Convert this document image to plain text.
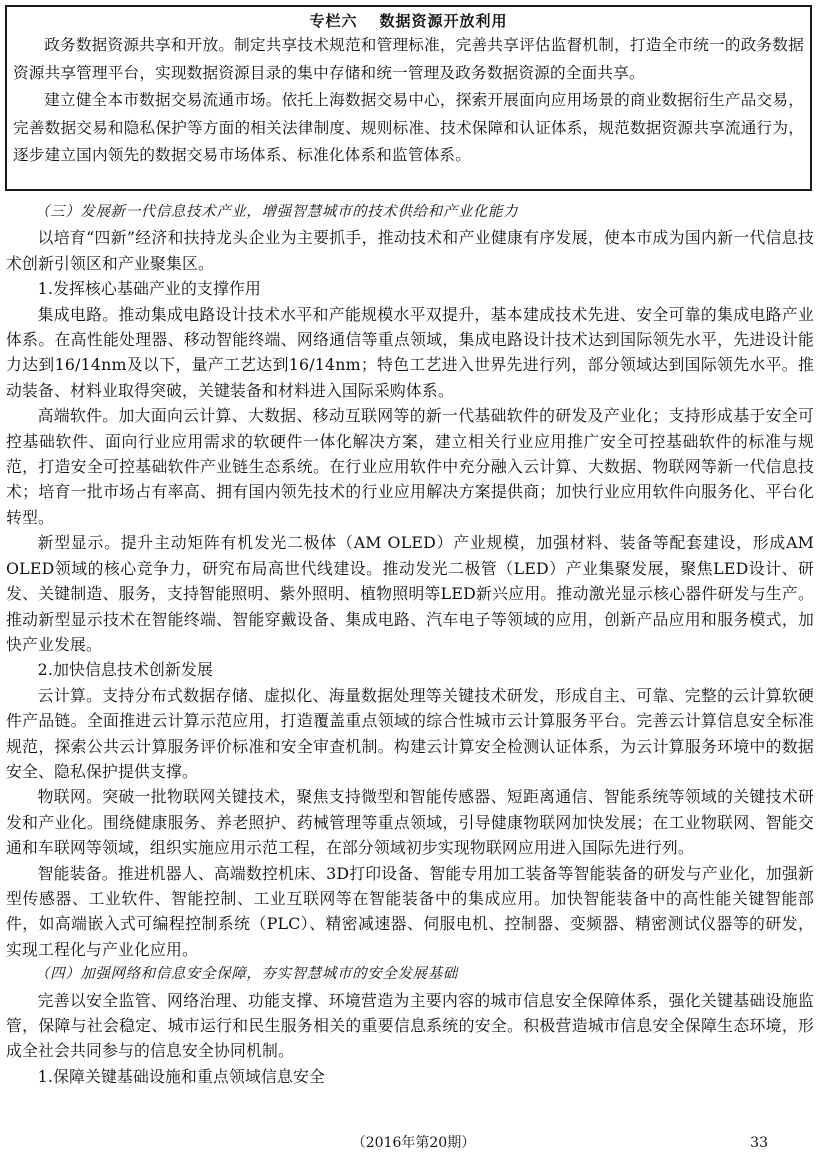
专栏六 数据资源开放利用

政务数据资源共享和开放。制定共享技术规范和管理标准，完善共享评估监督机制，打造全市统一的政务数据资源共享管理平台，实现数据资源目录的集中存储和统一管理及政务数据资源的全面共享。

建立健全本市数据交易流通市场。依托上海数据交易中心，探索开展面向应用场景的商业数据衍生产品交易，完善数据交易和隐私保护等方面的相关法律制度、规则标准、技术保障和认证体系，规范数据资源共享流通行为，逐步建立国内领先的数据交易市场体系、标准化体系和监管体系。

（三）发展新一代信息技术产业，增强智慧城市的技术供给和产业化能力

以培育“四新”经济和扶持龙头企业为主要抓手，推动技术和产业健康有序发展，使本市成为国内新一代信息技术创新引领区和产业聚集区。

1.发挥核心基础产业的支撑作用

集成电路。推动集成电路设计技术水平和产能规模水平双提升，基本建成技术先进、安全可靠的集成电路产业体系。在高性能处理器、移动智能终端、网络通信等重点领域，集成电路设计技术达到国际领先水平，先进设计能力达到16/14nm及以下，量产工艺达到16/14nm；特色工艺进入世界先进行列，部分领域达到国际领先水平。推动装备、材料业取得突破，关键装备和材料进入国际采购体系。

高端软件。加大面向云计算、大数据、移动互联网等的新一代基础软件的研发及产业化；支持形成基于安全可控基础软件、面向行业应用需求的软硬件一体化解决方案，建立相关行业应用推广安全可控基础软件的标准与规范，打造安全可控基础软件产业链生态系统。在行业应用软件中充分融入云计算、大数据、物联网等新一代信息技术；培育一批市场占有率高、拥有国内领先技术的行业应用解决方案提供商；加快行业应用软件向服务化、平台化转型。

新型显示。提升主动矩阵有机发光二极体（AM OLED）产业规模，加强材料、装备等配套建设，形成AM OLED领域的核心竞争力，研究布局高世代线建设。推动发光二极管（LED）产业集聚发展，聚焦LED设计、研发、关键制造、服务，支持智能照明、紫外照明、植物照明等LED新兴应用。推动激光显示核心器件研发与生产。推动新型显示技术在智能终端、智能穿戴设备、集成电路、汽车电子等领域的应用，创新产品应用和服务模式，加快产业发展。

2.加快信息技术创新发展

云计算。支持分布式数据存储、虚拟化、海量数据处理等关键技术研发，形成自主、可靠、完整的云计算软硬件产品链。全面推进云计算示范应用，打造覆盖重点领域的综合性城市云计算服务平台。完善云计算信息安全标准规范，探索公共云计算服务评价标准和安全审查机制。构建云计算安全检测认证体系，为云计算服务环境中的数据安全、隐私保护提供支撑。

物联网。突破一批物联网关键技术，聚焦支持微型和智能传感器、短距离通信、智能系统等领域的关键技术研发和产业化。围绕健康服务、养老照护、药械管理等重点领域，引导健康物联网加快发展；在工业物联网、智能交通和车联网等领域，组织实施应用示范工程，在部分领域初步实现物联网应用进入国际先进行列。

智能装备。推进机器人、高端数控机床、3D打印设备、智能专用加工装备等智能装备的研发与产业化，加强新型传感器、工业软件、智能控制、工业互联网等在智能装备中的集成应用。加快智能装备中的高性能关键智能部件，如高端嵌入式可编程控制系统（PLC）、精密减速器、伺服电机、控制器、变频器、精密测试仪器等的研发，实现工程化与产业化应用。

（四）加强网络和信息安全保障，夯实智慧城市的安全发展基础

完善以安全监管、网络治理、功能支撑、环境营造为主要内容的城市信息安全保障体系，强化关键基础设施监管，保障与社会稳定、城市运行和民生服务相关的重要信息系统的安全。积极营造城市信息安全保障生态环境，形成全社会共同参与的信息安全协同机制。

1.保障关键基础设施和重点领域信息安全

（2016年第20期）	33
